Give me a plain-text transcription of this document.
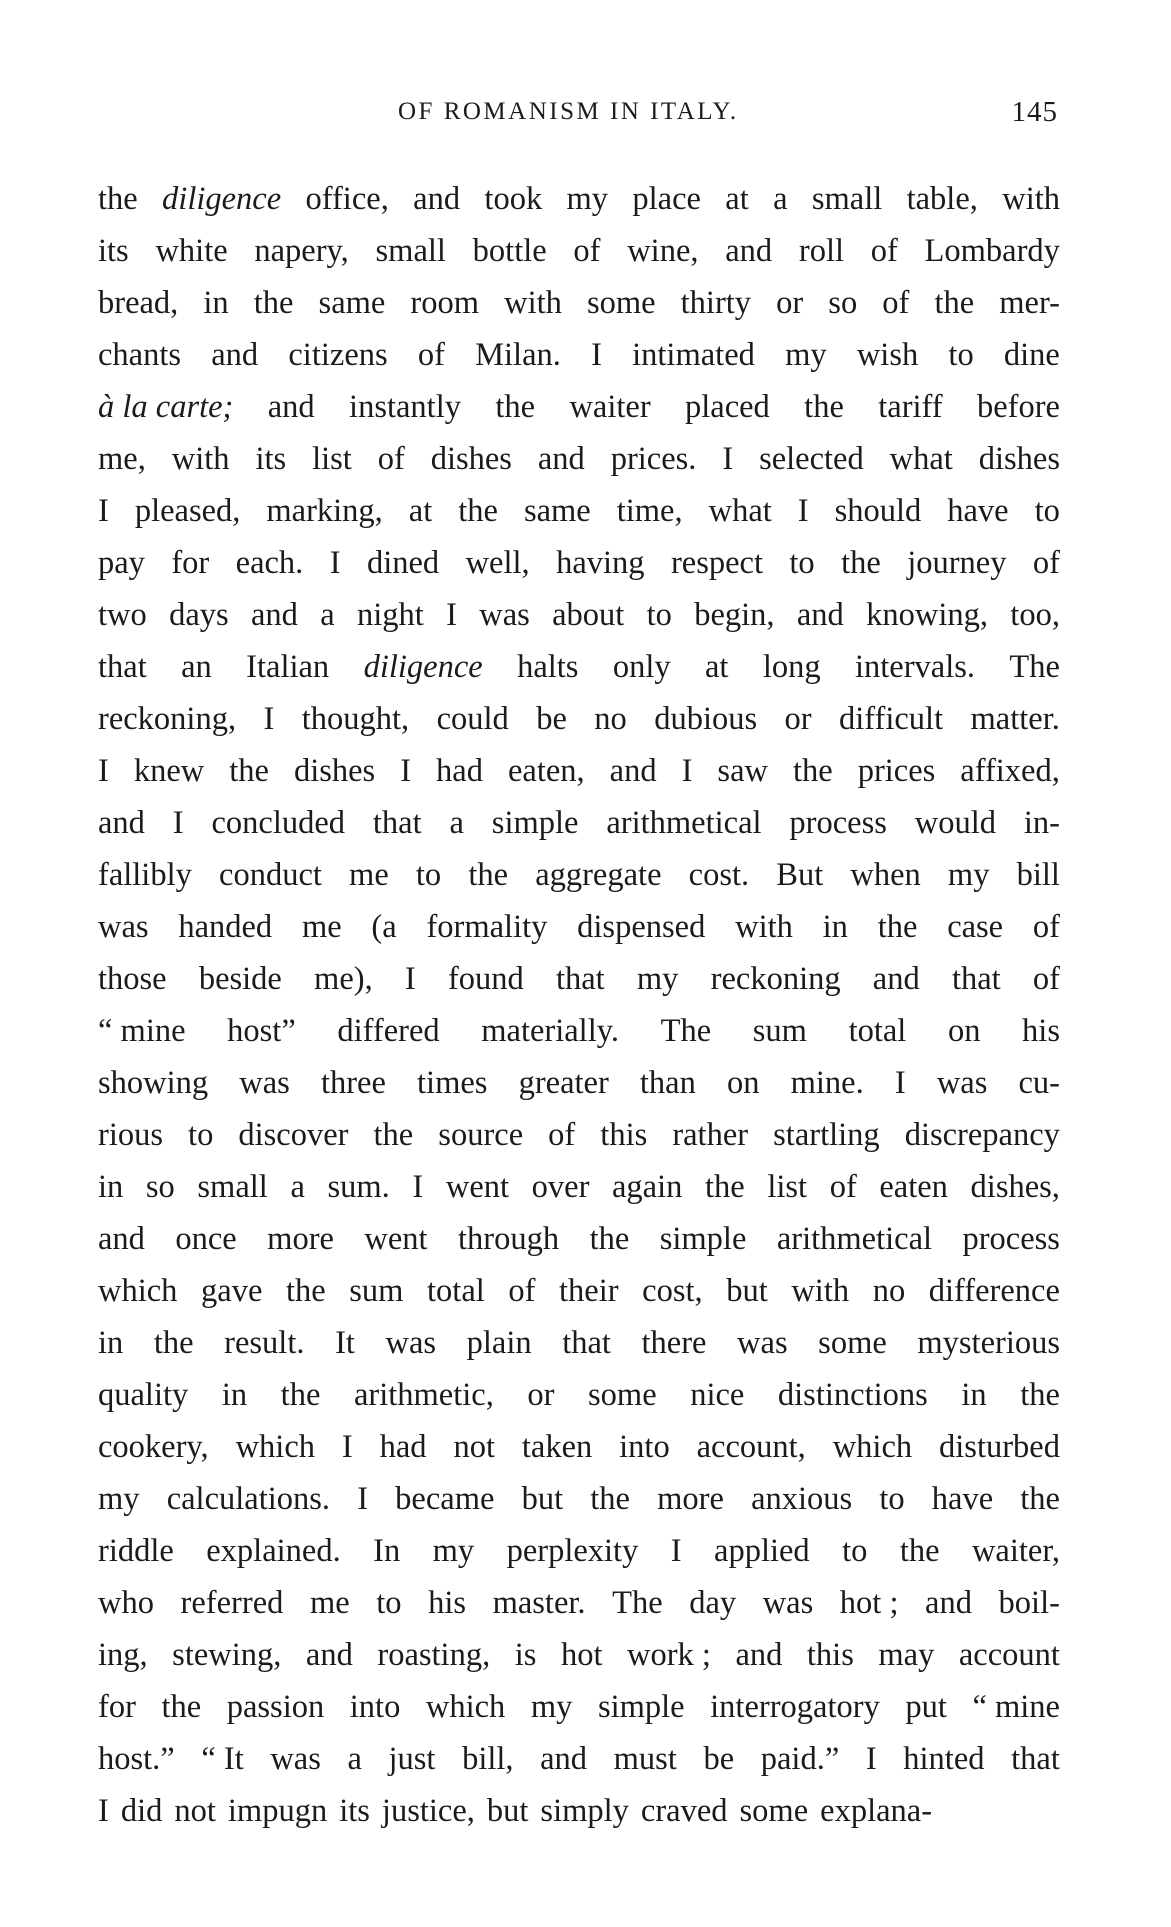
OF ROMANISM IN ITALY.	145
the diligence office, and took my place at a small table, with
its white napery, small bottle of wine, and roll of Lombardy
bread, in the same room with some thirty or so of the mer-
chants and citizens of Milan. I intimated my wish to dine
à la carte; and instantly the waiter placed the tariff before
me, with its list of dishes and prices. I selected what dishes
I pleased, marking, at the same time, what I should have to
pay for each. I dined well, having respect to the journey of
two days and a night I was about to begin, and knowing, too,
that an Italian diligence halts only at long intervals. The
reckoning, I thought, could be no dubious or difficult matter.
I knew the dishes I had eaten, and I saw the prices affixed,
and I concluded that a simple arithmetical process would in-
fallibly conduct me to the aggregate cost. But when my bill
was handed me (a formality dispensed with in the case of
those beside me), I found that my reckoning and that of
“ mine host” differed materially. The sum total on his
showing was three times greater than on mine. I was cu-
rious to discover the source of this rather startling discrepancy
in so small a sum. I went over again the list of eaten dishes,
and once more went through the simple arithmetical process
which gave the sum total of their cost, but with no difference
in the result. It was plain that there was some mysterious
quality in the arithmetic, or some nice distinctions in the
cookery, which I had not taken into account, which disturbed
my calculations. I became but the more anxious to have the
riddle explained. In my perplexity I applied to the waiter,
who referred me to his master. The day was hot ; and boil-
ing, stewing, and roasting, is hot work ; and this may account
for the passion into which my simple interrogatory put “ mine
host.” “ It was a just bill, and must be paid.” I hinted that
I did not impugn its justice, but simply craved some explana-
